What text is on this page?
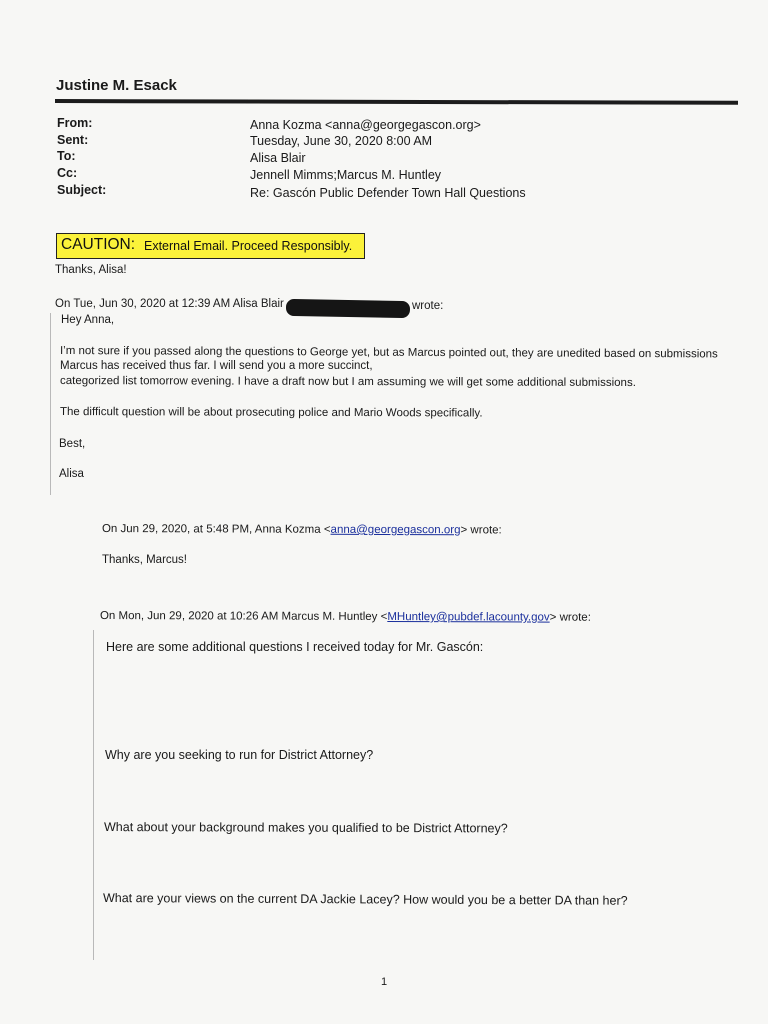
Justine M. Esack
From:	Anna Kozma <anna@georgegascon.org>
Sent:	Tuesday, June 30, 2020 8:00 AM
To:	Alisa Blair
Cc:	Jennell Mimms;Marcus M. Huntley
Subject:	Re: Gascón Public Defender Town Hall Questions
CAUTION: External Email. Proceed Responsibly.
Thanks, Alisa!
On Tue, Jun 30, 2020 at 12:39 AM Alisa Blair	wrote:
Hey Anna,
I’m not sure if you passed along the questions to George yet, but as Marcus pointed out, they are unedited based on submissions
Marcus has received thus far. I will send you a more succinct,
categorized list tomorrow evening. I have a draft now but I am assuming we will get some additional submissions.
The difficult question will be about prosecuting police and Mario Woods specifically.
Best,
Alisa
On Jun 29, 2020, at 5:48 PM, Anna Kozma <anna@georgegascon.org> wrote:
Thanks, Marcus!
On Mon, Jun 29, 2020 at 10:26 AM Marcus M. Huntley <MHuntley@pubdef.lacounty.gov> wrote:
Here are some additional questions I received today for Mr. Gascón:
Why are you seeking to run for District Attorney?
What about your background makes you qualified to be District Attorney?
What are your views on the current DA Jackie Lacey? How would you be a better DA than her?
1
